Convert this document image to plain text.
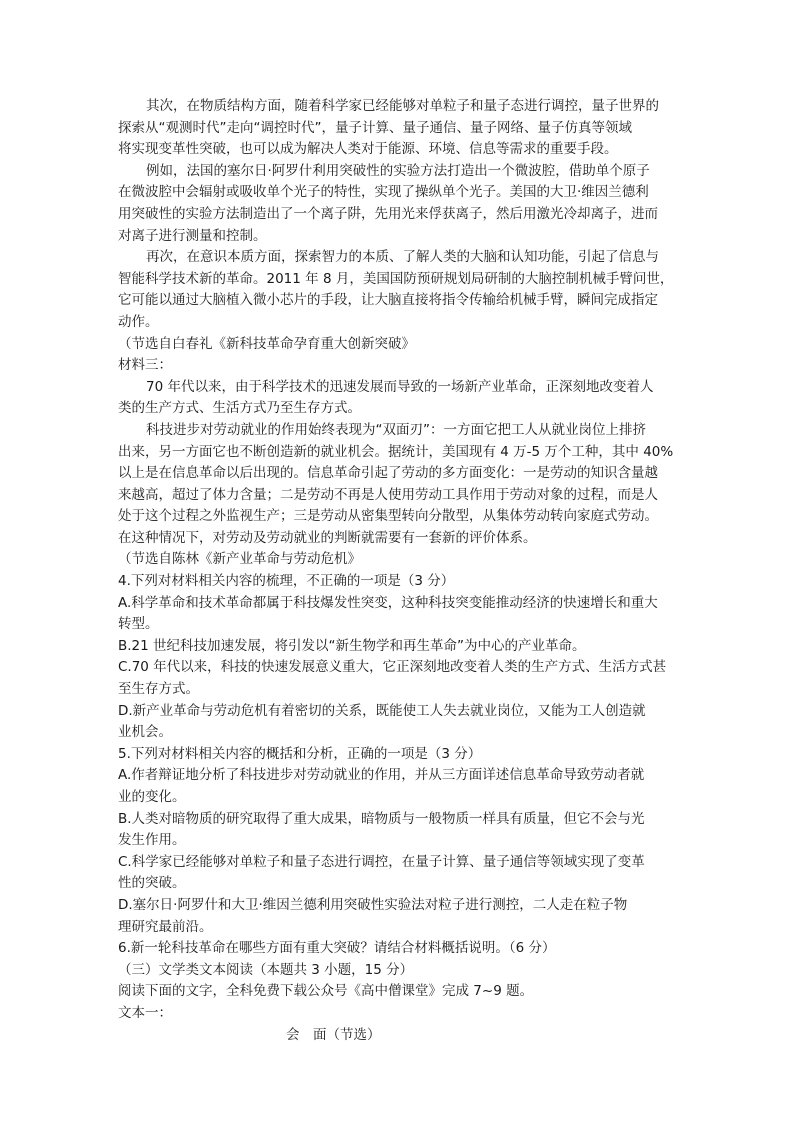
其次，在物质结构方面，随着科学家已经能够对单粒子和量子态进行调控，量子世界的
探索从“观测时代”走向“调控时代”，量子计算、量子通信、量子网络、量子仿真等领域
将实现变革性突破，也可以成为解决人类对于能源、环境、信息等需求的重要手段。
例如，法国的塞尔日·阿罗什利用突破性的实验方法打造出一个微波腔，借助单个原子
在微波腔中会辐射或吸收单个光子的特性，实现了操纵单个光子。美国的大卫·维因兰德利
用突破性的实验方法制造出了一个离子阱，先用光来俘获离子，然后用激光冷却离子，进而
对离子进行测量和控制。
再次，在意识本质方面，探索智力的本质、了解人类的大脑和认知功能，引起了信息与
智能科学技术新的革命。2011 年 8 月，美国国防预研规划局研制的大脑控制机械手臂问世，
它可能以通过大脑植入微小芯片的手段，让大脑直接将指令传输给机械手臂，瞬间完成指定
动作。
（节选自白春礼《新科技革命孕育重大创新突破》
材料三：
70 年代以来，由于科学技术的迅速发展而导致的一场新产业革命，正深刻地改变着人
类的生产方式、生活方式乃至生存方式。
科技进步对劳动就业的作用始终表现为“双面刃”：一方面它把工人从就业岗位上排挤
出来，另一方面它也不断创造新的就业机会。据统计，美国现有 4 万-5 万个工种，其中 40%
以上是在信息革命以后出现的。信息革命引起了劳动的多方面变化：一是劳动的知识含量越
来越高，超过了体力含量；二是劳动不再是人使用劳动工具作用于劳动对象的过程，而是人
处于这个过程之外监视生产；三是劳动从密集型转向分散型，从集体劳动转向家庭式劳动。
在这种情况下，对劳动及劳动就业的判断就需要有一套新的评价体系。
（节选自陈林《新产业革命与劳动危机》
4.下列对材料相关内容的梳理，不正确的一项是（3 分）
A.科学革命和技术革命都属于科技爆发性突变，这种科技突变能推动经济的快速增长和重大
转型。
B.21 世纪科技加速发展，将引发以“新生物学和再生革命”为中心的产业革命。
C.70 年代以来，科技的快速发展意义重大，它正深刻地改变着人类的生产方式、生活方式甚
至生存方式。
D.新产业革命与劳动危机有着密切的关系，既能使工人失去就业岗位，又能为工人创造就
业机会。
5.下列对材料相关内容的概括和分析，正确的一项是（3 分）
A.作者辩证地分析了科技进步对劳动就业的作用，并从三方面详述信息革命导致劳动者就
业的变化。
B.人类对暗物质的研究取得了重大成果，暗物质与一般物质一样具有质量，但它不会与光
发生作用。
C.科学家已经能够对单粒子和量子态进行调控，在量子计算、量子通信等领域实现了变革
性的突破。
D.塞尔日·阿罗什和大卫·维因兰德利用突破性实验法对粒子进行测控，二人走在粒子物
理研究最前沿。
6.新一轮科技革命在哪些方面有重大突破？请结合材料概括说明。（6 分）
（三）文学类文本阅读（本题共 3 小题，15 分）
阅读下面的文字，全科免费下载公众号《高中僧课堂》完成 7~9 题。
文本一：
会　面（节选）
